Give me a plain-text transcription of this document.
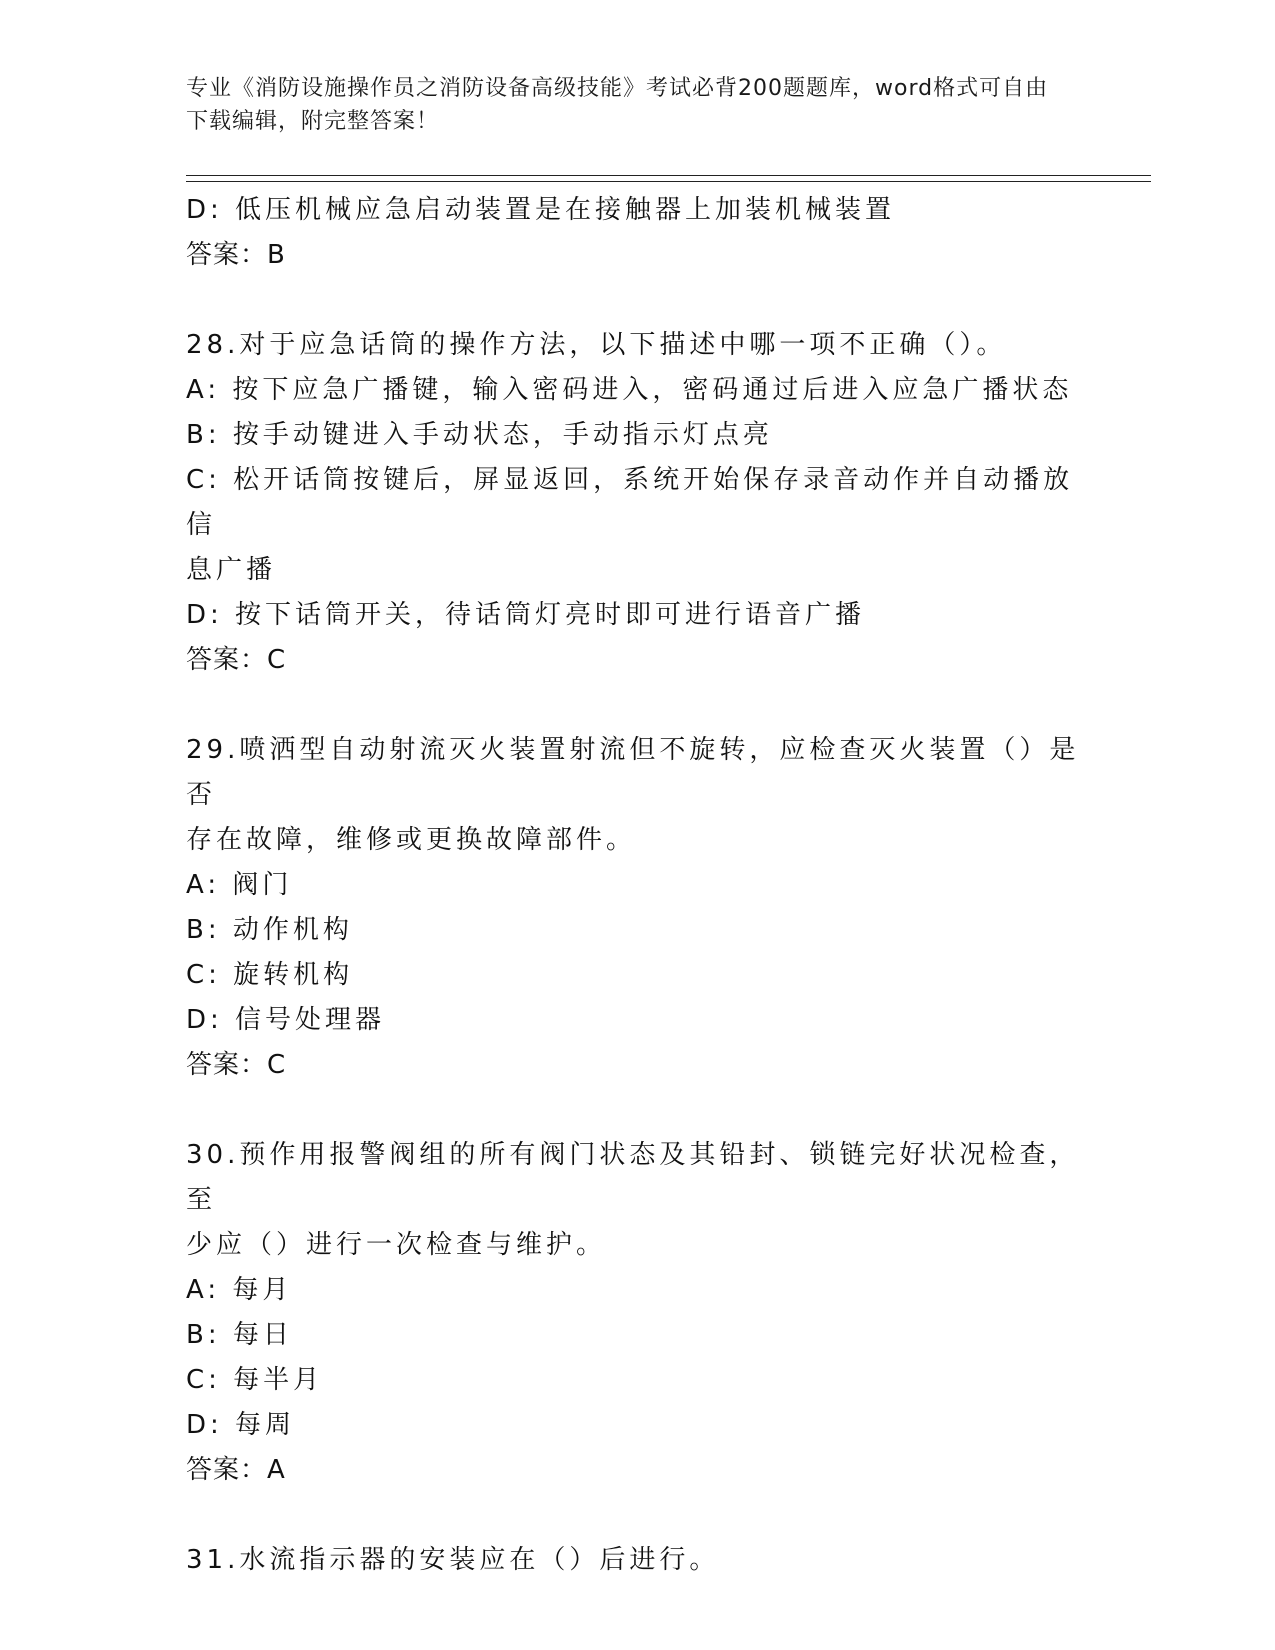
专业《消防设施操作员之消防设备高级技能》考试必背200题题库，word格式可自由下载编辑，附完整答案！
D: 低压机械应急启动装置是在接触器上加装机械装置
答案：B
28.对于应急话筒的操作方法，以下描述中哪一项不正确（）。
A: 按下应急广播键，输入密码进入，密码通过后进入应急广播状态
B: 按手动键进入手动状态，手动指示灯点亮
C: 松开话筒按键后，屏显返回，系统开始保存录音动作并自动播放信
息广播
D: 按下话筒开关，待话筒灯亮时即可进行语音广播
答案：C
29.喷洒型自动射流灭火装置射流但不旋转，应检查灭火装置（）是否
存在故障，维修或更换故障部件。
A: 阀门
B: 动作机构
C: 旋转机构
D: 信号处理器
答案：C
30.预作用报警阀组的所有阀门状态及其铅封、锁链完好状况检查，至
少应（）进行一次检查与维护。
A: 每月
B: 每日
C: 每半月
D: 每周
答案：A
31.水流指示器的安装应在（）后进行。
